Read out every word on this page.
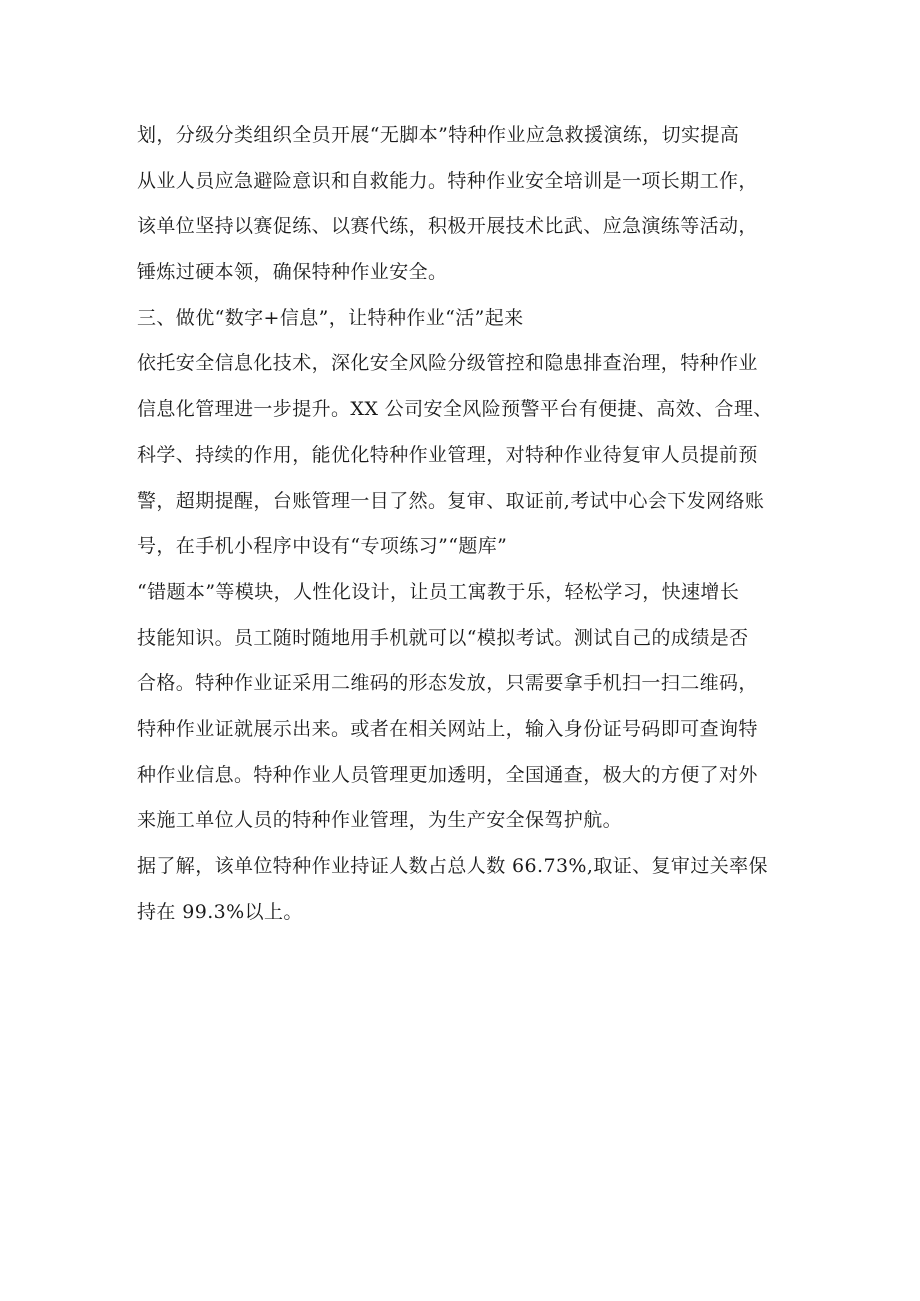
划，分级分类组织全员开展“无脚本”特种作业应急救援演练，切实提高
从业人员应急避险意识和自救能力。特种作业安全培训是一项长期工作，
该单位坚持以赛促练、以赛代练，积极开展技术比武、应急演练等活动，
锤炼过硬本领，确保特种作业安全。
三、做优“数字+信息”，让特种作业“活”起来
依托安全信息化技术，深化安全风险分级管控和隐患排查治理，特种作业
信息化管理进一步提升。XX 公司安全风险预警平台有便捷、高效、合理、
科学、持续的作用，能优化特种作业管理，对特种作业待复审人员提前预
警，超期提醒，台账管理一目了然。复审、取证前,考试中心会下发网络账
号，在手机小程序中设有“专项练习”“题库”
“错题本”等模块，人性化设计，让员工寓教于乐，轻松学习，快速增长
技能知识。员工随时随地用手机就可以“模拟考试。测试自己的成绩是否
合格。特种作业证采用二维码的形态发放，只需要拿手机扫一扫二维码，
特种作业证就展示出来。或者在相关网站上，输入身份证号码即可查询特
种作业信息。特种作业人员管理更加透明，全国通查，极大的方便了对外
来施工单位人员的特种作业管理，为生产安全保驾护航。
据了解，该单位特种作业持证人数占总人数 66.73%,取证、复审过关率保
持在 99.3%以上。
